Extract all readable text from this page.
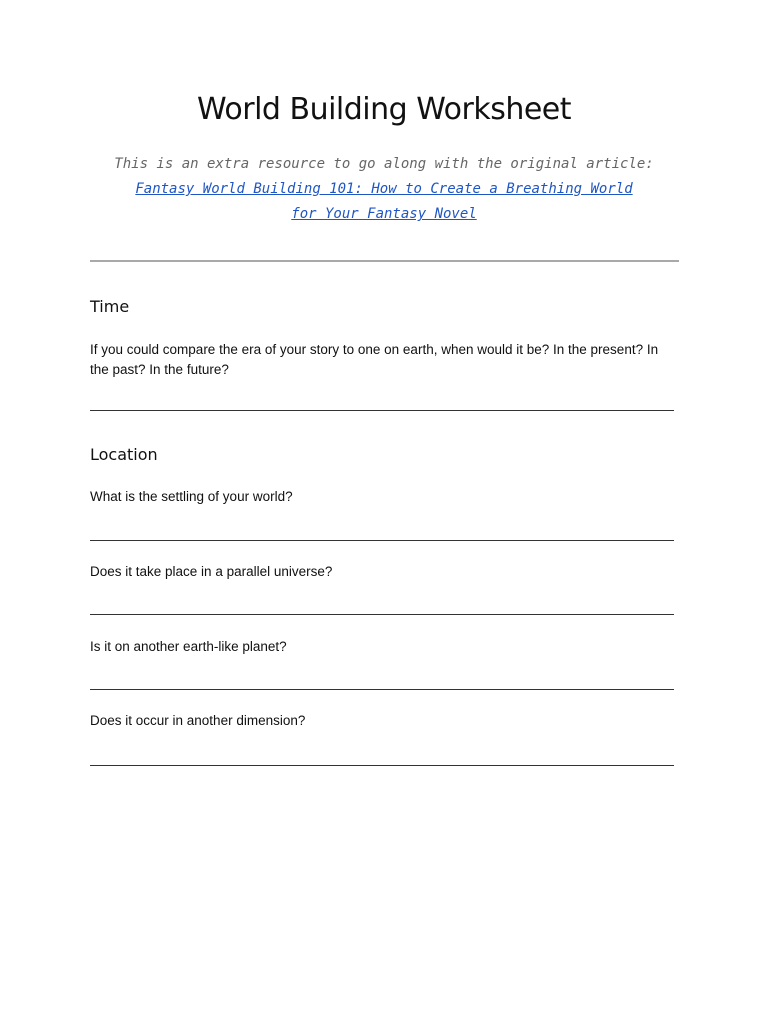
World Building Worksheet

This is an extra resource to go along with the original article:

Fantasy World Building 101: How to Create a Breathing World

for Your Fantasy Novel

Time

If you could compare the era of your story to one on earth, when would it be? In the present? In the past? In the future?

Location

What is the settling of your world?

Does it take place in a parallel universe?

Is it on another earth-like planet?

Does it occur in another dimension?
